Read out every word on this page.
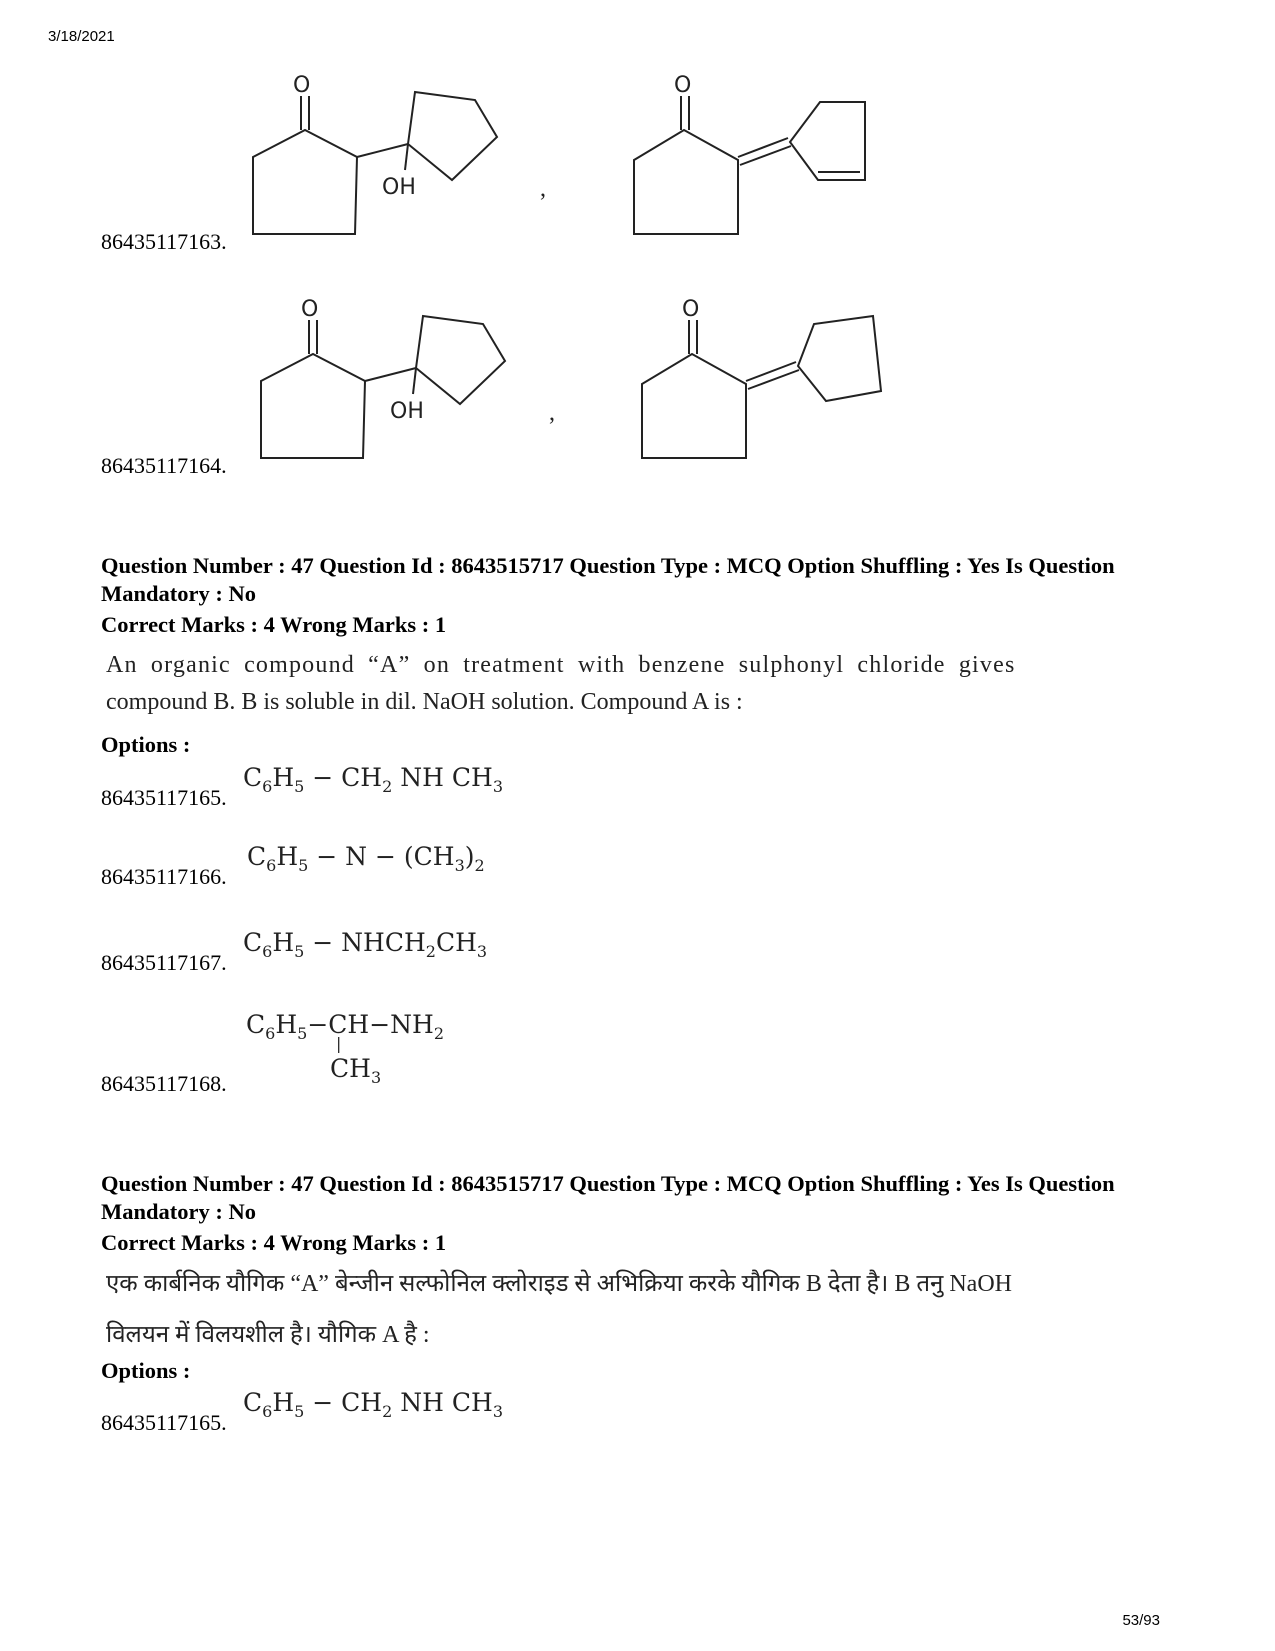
3/18/2021
53/93
86435117163.
O
OH	,
O
86435117164.
O
OH	,
O
Question Number : 47 Question Id : 8643515717 Question Type : MCQ Option Shuffling : Yes Is Question Mandatory : No
Correct Marks : 4 Wrong Marks : 1
An organic compound “A” on treatment with benzene sulphonyl chloride gives
compound B. B is soluble in dil. NaOH solution. Compound A is :
Options :
86435117165.
$C_6H_5 - CH_2$ NH $CH_3$
86435117166.
$C_6H_5 - N - (CH_3)_2$
86435117167.
$C_6H_5$ − $NHCH_2CH_3$
86435117168.
$C_6H_5-CH-NH_2$
|
$CH_3$
Question Number : 47 Question Id : 8643515717 Question Type : MCQ Option Shuffling : Yes Is Question Mandatory : No
Correct Marks : 4 Wrong Marks : 1
एक कार्बनिक यौगिक “A” बेन्जीन सल्फोनिल क्लोराइड से अभिक्रिया करके यौगिक B देता है। B तनु NaOH
विलयन में विलयशील है। यौगिक A है :
Options :
86435117165.
$C_6H_5 - CH_2$ NH $CH_3$
